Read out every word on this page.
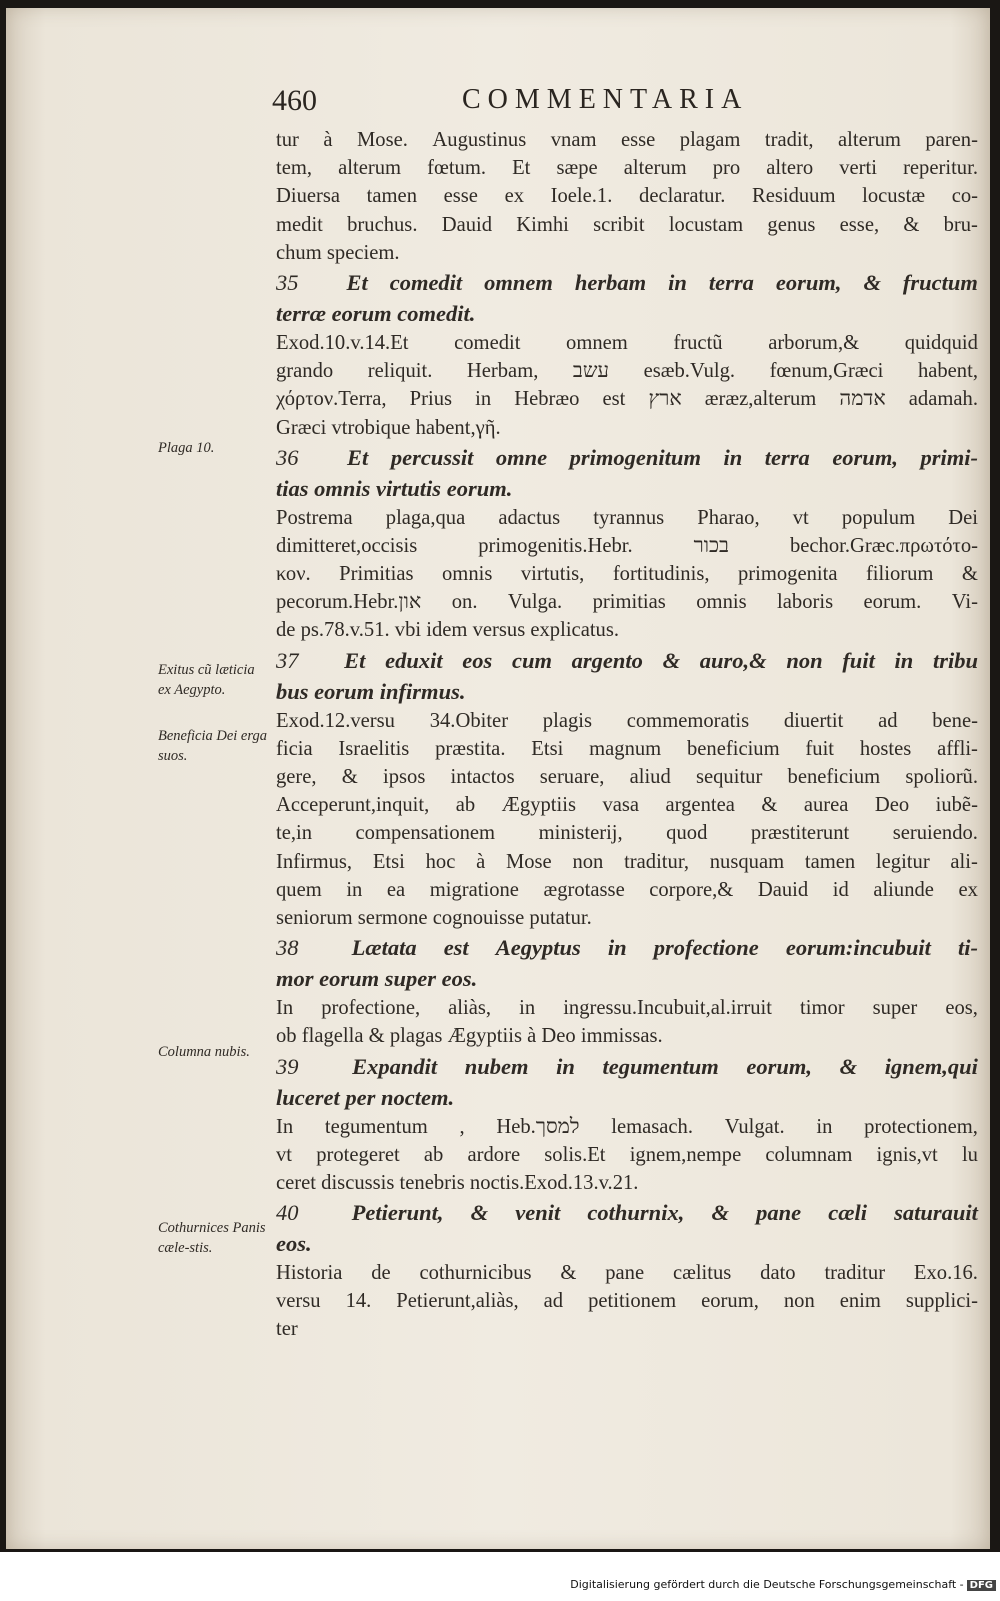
460	COMMENTARIA
Plaga 10.
Exitus cũ læticia ex Aegypto.
Beneficia Dei erga suos.
Columna nubis.
Cothurnices Panis cæle-stis.
tur à Mose. Augustinus vnam esse plagam tradit, alterum paren-
tem, alterum fœtum. Et sæpe alterum pro altero verti reperitur.
Diuersa tamen esse ex Ioele.1. declaratur. Residuum locustæ co-
medit bruchus. Dauid Kimhi scribit locustam genus esse, & bru-
chum speciem.
35 Et comedit omnem herbam in terra eorum, & fructum
terræ eorum comedit.
Exod.10.v.14.Et comedit omnem fructũ arborum,& quidquid
grando reliquit. Herbam, עשב esæb.Vulg. fœnum,Græci habent,
χόρτον.Terra, Prius in Hebræo est ארץ æræz,alterum אדמה adamah.
Græci vtrobique habent,γῆ.
36 Et percussit omne primogenitum in terra eorum, primi-
tias omnis virtutis eorum.
Postrema plaga,qua adactus tyrannus Pharao, vt populum Dei
dimitteret,occisis	primogenitis.Hebr.	בכור	bechor.Græc.πρωτότο-
κον. Primitias omnis virtutis, fortitudinis, primogenita filiorum &
pecorum.Hebr.און on. Vulga. primitias omnis laboris eorum. Vi-
de ps.78.v.51. vbi idem versus explicatus.
37 Et eduxit eos cum argento & auro,& non fuit in tribu
bus eorum infirmus.
Exod.12.versu 34.Obiter plagis commemoratis diuertit ad bene-
ficia Israelitis præstita. Etsi magnum beneficium fuit hostes affli-
gere, & ipsos intactos seruare, aliud sequitur beneficium spoliorũ.
Acceperunt,inquit, ab Ægyptiis vasa argentea & aurea Deo iubẽ-
te,in compensationem ministerij, quod præstiterunt seruiendo.
Infirmus, Etsi hoc à Mose non traditur, nusquam tamen legitur ali-
quem in ea migratione ægrotasse corpore,& Dauid id aliunde ex
seniorum sermone cognouisse putatur.
38 Lætata est Aegyptus in profectione eorum:incubuit ti-
mor eorum super eos.
In profectione, aliàs, in ingressu.Incubuit,al.irruit timor super eos,
ob flagella & plagas Ægyptiis à Deo immissas.
39 Expandit nubem in tegumentum eorum, & ignem,qui
luceret per noctem.
In tegumentum , Heb.למסך lemasach. Vulgat. in protectionem,
vt protegeret ab ardore solis.Et ignem,nempe columnam ignis,vt lu
ceret discussis tenebris noctis.Exod.13.v.21.
40 Petierunt, & venit cothurnix, & pane cæli saturauit
eos.
Historia de cothurnicibus & pane cælitus dato traditur Exo.16.
versu 14. Petierunt,aliàs, ad petitionem eorum, non enim supplici-
ter
Digitalisierung gefördert durch die Deutsche Forschungsgemeinschaft - DFG
